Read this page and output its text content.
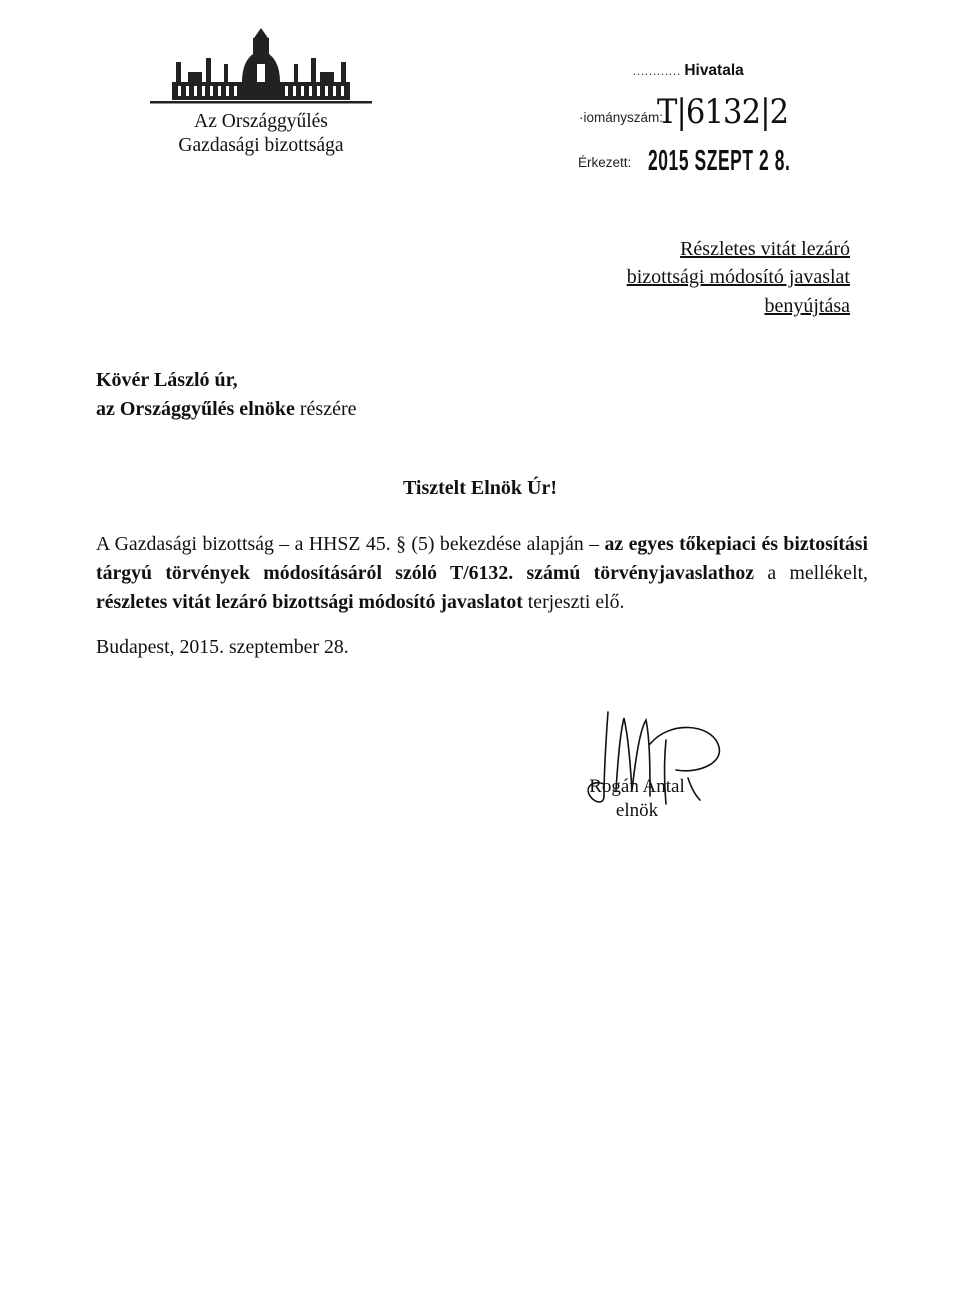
Az Országgyűlés
Gazdasági bizottsága
………… Hivatala
·iományszám:
T|6132|2
Érkezett: 2015 SZEPT 2 8.
Részletes vitát lezáró
bizottsági módosító javaslat
benyújtása
Kövér László úr,
az Országgyűlés elnöke részére
Tisztelt Elnök Úr!
A Gazdasági bizottság – a HHSZ 45. § (5) bekezdése alapján – az egyes tőkepiaci és biztosítási tárgyú törvények módosításáról szóló T/6132. számú törvényjavaslathoz a mellékelt, részletes vitát lezáró bizottsági módosító javaslatot terjeszti elő.
Budapest, 2015. szeptember 28.
Rogán Antal
elnök
